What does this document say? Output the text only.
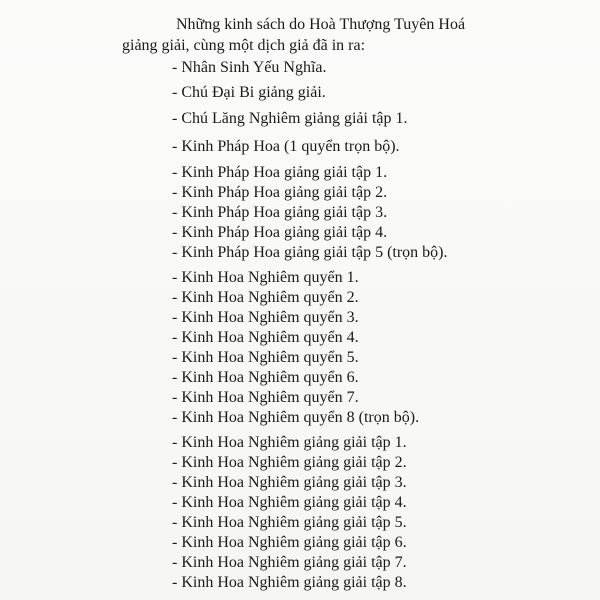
Những kinh sách do Hoà Thượng Tuyên Hoá
giảng giải, cùng một dịch giả đã in ra:
- Nhân Sinh Yếu Nghĩa.
- Chú Đại Bi giảng giải.
- Chú Lăng Nghiêm giảng giải tập 1.
- Kinh Pháp Hoa (1 quyển trọn bộ).
- Kinh Pháp Hoa giảng giải tập 1.
- Kinh Pháp Hoa giảng giải tập 2.
- Kinh Pháp Hoa giảng giải tập 3.
- Kinh Pháp Hoa giảng giải tập 4.
- Kinh Pháp Hoa giảng giải tập 5 (trọn bộ).
- Kinh Hoa Nghiêm quyển 1.
- Kinh Hoa Nghiêm quyển 2.
- Kinh Hoa Nghiêm quyển 3.
- Kinh Hoa Nghiêm quyển 4.
- Kinh Hoa Nghiêm quyển 5.
- Kinh Hoa Nghiêm quyển 6.
- Kinh Hoa Nghiêm quyển 7.
- Kinh Hoa Nghiêm quyển 8 (trọn bộ).
- Kinh Hoa Nghiêm giảng giải tập 1.
- Kinh Hoa Nghiêm giảng giải tập 2.
- Kinh Hoa Nghiêm giảng giải tập 3.
- Kinh Hoa Nghiêm giảng giải tập 4.
- Kinh Hoa Nghiêm giảng giải tập 5.
- Kinh Hoa Nghiêm giảng giải tập 6.
- Kinh Hoa Nghiêm giảng giải tập 7.
- Kinh Hoa Nghiêm giảng giải tập 8.
